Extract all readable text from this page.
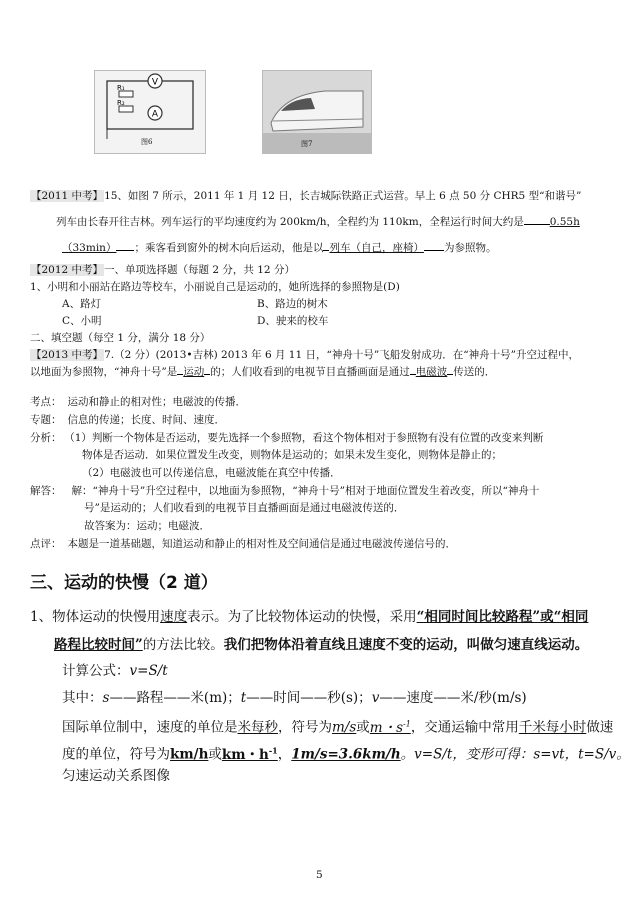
V
A
R₁
R₂
图6	图7
【2011 中考】15、如图 7 所示，2011 年 1 月 12 日，长吉城际铁路正式运营。早上 6 点 50 分 CHR5 型“和谐号”
列车由长春开往吉林。列车运行的平均速度约为 200km/h，全程约为 110km，全程运行时间大约是 0.55h
（33min） ；乘客看到窗外的树木向后运动，他是以 列车（自己，座椅） 为参照物。
【2012 中考】一、单项选择题（每题 2 分，共 12 分）
1、小明和小丽站在路边等校车，小丽说自己是运动的，她所选择的参照物是(D)
A、路灯	B、路边的树木
C、小明	D、驶来的校车
二、填空题（每空 1 分，满分 18 分）
【2013 中考】7.（2 分）(2013•吉林) 2013 年 6 月 11 日，“神舟十号”飞船发射成功．在“神舟十号”升空过程中，
以地面为参照物，“神舟十号”是 运动 的；人们收看到的电视节目直播画面是通过 电磁波 传送的．
考点： 运动和静止的相对性；电磁波的传播．
专题： 信息的传递；长度、时间、速度．
分析： （1）判断一个物体是否运动，要先选择一个参照物，看这个物体相对于参照物有没有位置的改变来判断
物体是否运动．如果位置发生改变，则物体是运动的；如果未发生变化，则物体是静止的；
（2）电磁波也可以传递信息，电磁波能在真空中传播．
解答： 解：“神舟十号”升空过程中，以地面为参照物，“神舟十号”相对于地面位置发生着改变，所以“神舟十
号”是运动的；人们收看到的电视节目直播画面是通过电磁波传送的．
故答案为：运动；电磁波．
点评： 本题是一道基础题，知道运动和静止的相对性及空间通信是通过电磁波传递信号的．
三、运动的快慢（2 道）
1、物体运动的快慢用速度表示。为了比较物体运动的快慢，采用“相同时间比较路程”或“相同
路程比较时间”的方法比较。我们把物体沿着直线且速度不变的运动，叫做匀速直线运动。
计算公式：v=S/t
其中：s——路程——米(m)；t——时间——秒(s)；v——速度——米/秒(m/s)
国际单位制中，速度的单位是米每秒，符号为m/s或m・$s^{-1}$，交通运输中常用千米每小时做速
度的单位，符号为km/h或km・$h^{-1}$，1m/s=3.6km/h。v=S/t，变形可得：s=vt，t=S/v。
匀速运动关系图像
5
